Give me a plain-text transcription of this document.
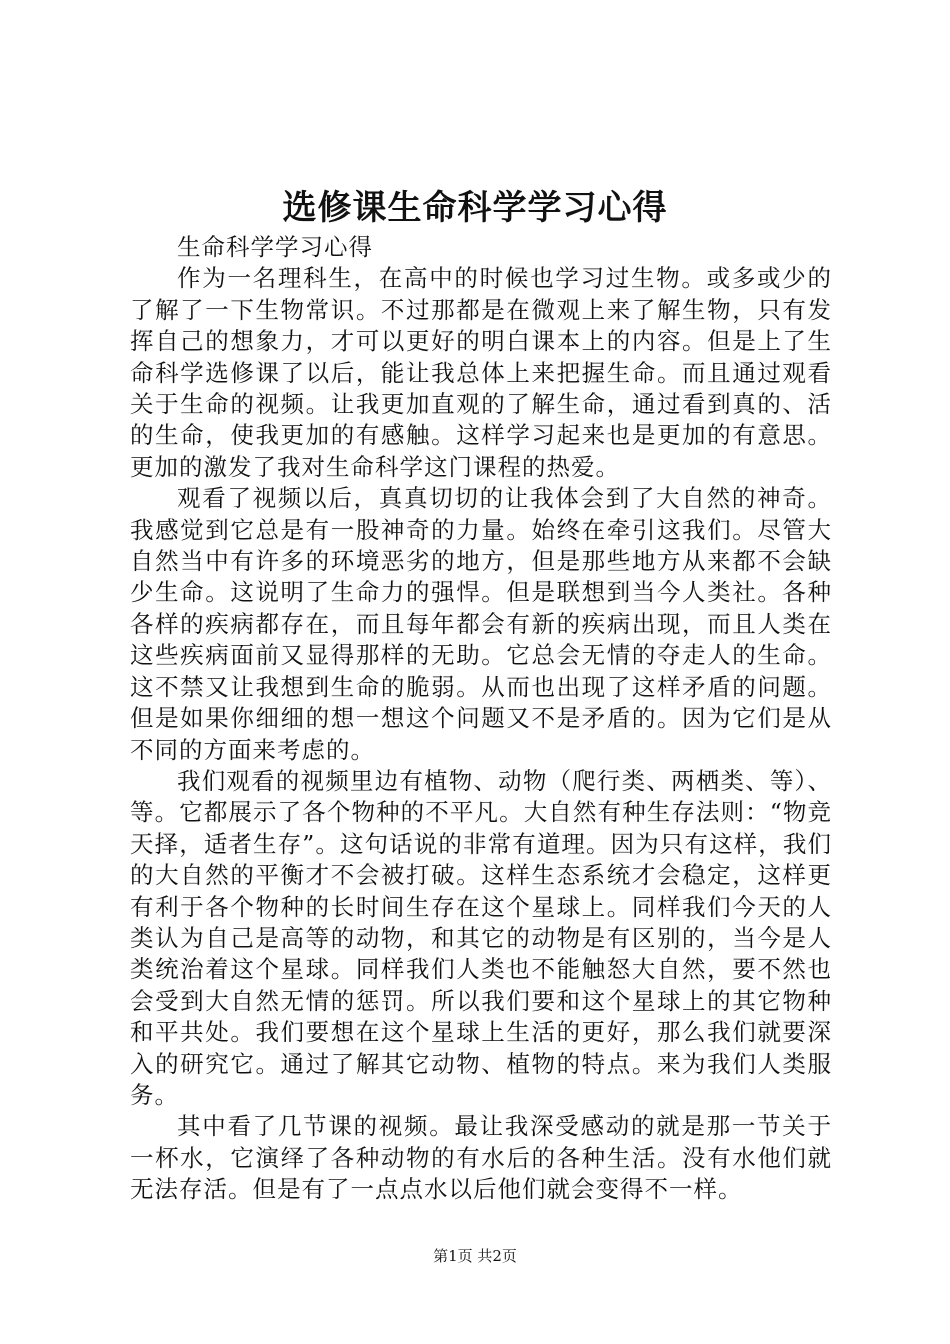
选修课生命科学学习心得

生命科学学习心得

作为一名理科生，在高中的时候也学习过生物。或多或少的了解了一下生物常识。不过那都是在微观上来了解生物，只有发挥自己的想象力，才可以更好的明白课本上的内容。但是上了生命科学选修课了以后，能让我总体上来把握生命。而且通过观看关于生命的视频。让我更加直观的了解生命，通过看到真的、活的生命，使我更加的有感触。这样学习起来也是更加的有意思。更加的激发了我对生命科学这门课程的热爱。

观看了视频以后，真真切切的让我体会到了大自然的神奇。我感觉到它总是有一股神奇的力量。始终在牵引这我们。尽管大自然当中有许多的环境恶劣的地方，但是那些地方从来都不会缺少生命。这说明了生命力的强悍。但是联想到当今人类社。各种各样的疾病都存在，而且每年都会有新的疾病出现，而且人类在这些疾病面前又显得那样的无助。它总会无情的夺走人的生命。这不禁又让我想到生命的脆弱。从而也出现了这样矛盾的问题。但是如果你细细的想一想这个问题又不是矛盾的。因为它们是从不同的方面来考虑的。

我们观看的视频里边有植物、动物（爬行类、两栖类、等）、等。它都展示了各个物种的不平凡。大自然有种生存法则：“物竞天择，适者生存”。这句话说的非常有道理。因为只有这样，我们的大自然的平衡才不会被打破。这样生态系统才会稳定，这样更有利于各个物种的长时间生存在这个星球上。同样我们今天的人类认为自己是高等的动物，和其它的动物是有区别的，当今是人类统治着这个星球。同样我们人类也不能触怒大自然，要不然也会受到大自然无情的惩罚。所以我们要和这个星球上的其它物种和平共处。我们要想在这个星球上生活的更好，那么我们就要深入的研究它。通过了解其它动物、植物的特点。来为我们人类服务。

其中看了几节课的视频。最让我深受感动的就是那一节关于一杯水，它演绎了各种动物的有水后的各种生活。没有水他们就无法存活。但是有了一点点水以后他们就会变得不一样。

第1页 共2页
